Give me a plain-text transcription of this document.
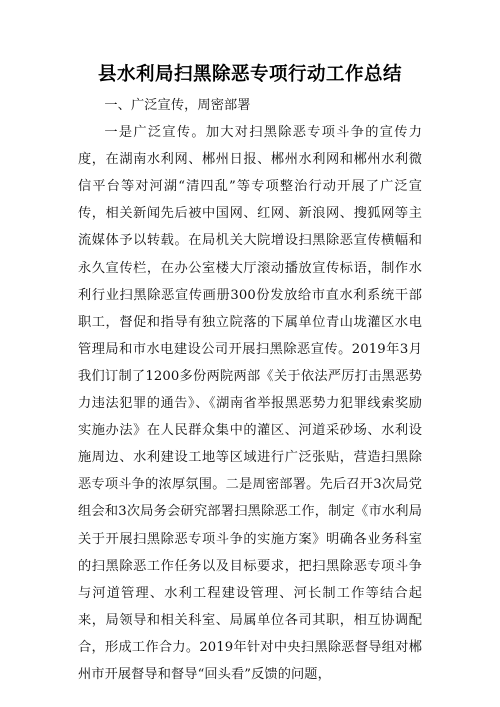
县水利局扫黑除恶专项行动工作总结
一、广泛宣传，周密部署

一是广泛宣传。加大对扫黑除恶专项斗争的宣传力度，在湖南水利网、郴州日报、郴州水利网和郴州水利微信平台等对河湖“清四乱”等专项整治行动开展了广泛宣传，相关新闻先后被中国网、红网、新浪网、搜狐网等主流媒体予以转载。在局机关大院增设扫黑除恶宣传横幅和永久宣传栏，在办公室楼大厅滚动播放宣传标语，制作水利行业扫黑除恶宣传画册300份发放给市直水利系统干部职工，督促和指导有独立院落的下属单位青山垅灌区水电管理局和市水电建设公司开展扫黑除恶宣传。2019年3月我们订制了1200多份两院两部《关于依法严厉打击黑恶势力违法犯罪的通告》、《湖南省举报黑恶势力犯罪线索奖励实施办法》在人民群众集中的灌区、河道采砂场、水利设施周边、水利建设工地等区域进行广泛张贴，营造扫黑除恶专项斗争的浓厚氛围。二是周密部署。先后召开3次局党组会和3次局务会研究部署扫黑除恶工作，制定《市水利局关于开展扫黑除恶专项斗争的实施方案》明确各业务科室的扫黑除恶工作任务以及目标要求，把扫黑除恶专项斗争与河道管理、水利工程建设管理、河长制工作等结合起来，局领导和相关科室、局属单位各司其职，相互协调配合，形成工作合力。2019年针对中央扫黑除恶督导组对郴州市开展督导和督导“回头看”反馈的问题，
